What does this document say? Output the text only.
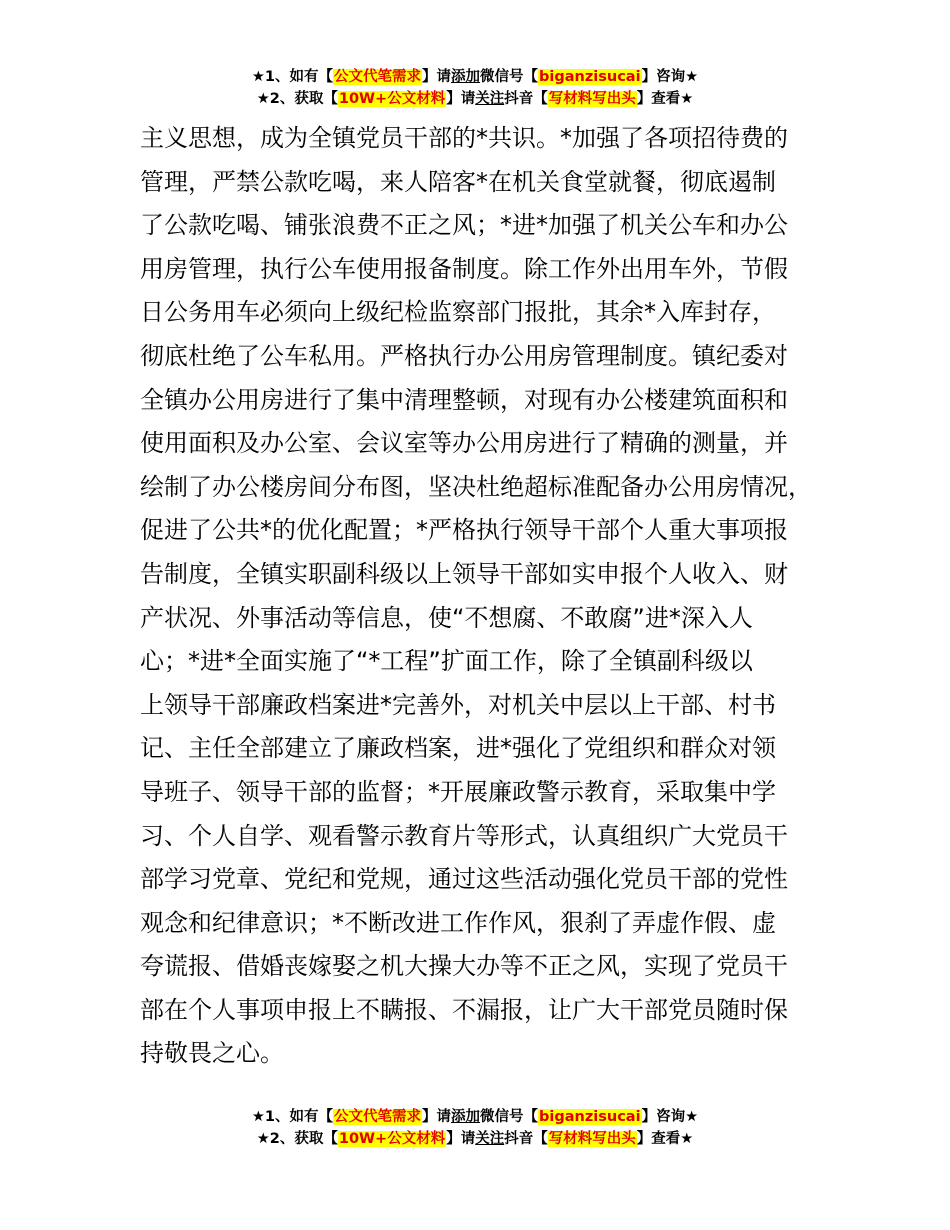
★1、如有【公文代笔需求】请添加微信号【biganzisucai】咨询★
★2、获取【10W+公文材料】请关注抖音【写材料写出头】查看★
主义思想，成为全镇党员干部的*共识。*加强了各项招待费的
管理，严禁公款吃喝，来人陪客*在机关食堂就餐，彻底遏制
了公款吃喝、铺张浪费不正之风；*进*加强了机关公车和办公
用房管理，执行公车使用报备制度。除工作外出用车外，节假
日公务用车必须向上级纪检监察部门报批，其余*入库封存，
彻底杜绝了公车私用。严格执行办公用房管理制度。镇纪委对
全镇办公用房进行了集中清理整顿，对现有办公楼建筑面积和
使用面积及办公室、会议室等办公用房进行了精确的测量，并
绘制了办公楼房间分布图，坚决杜绝超标准配备办公用房情况，
促进了公共*的优化配置；*严格执行领导干部个人重大事项报
告制度，全镇实职副科级以上领导干部如实申报个人收入、财
产状况、外事活动等信息，使“不想腐、不敢腐”进*深入人
心；*进*全面实施了“*工程”扩面工作，除了全镇副科级以
上领导干部廉政档案进*完善外，对机关中层以上干部、村书
记、主任全部建立了廉政档案，进*强化了党组织和群众对领
导班子、领导干部的监督；*开展廉政警示教育，采取集中学
习、个人自学、观看警示教育片等形式，认真组织广大党员干
部学习党章、党纪和党规，通过这些活动强化党员干部的党性
观念和纪律意识；*不断改进工作作风，狠刹了弄虚作假、虚
夸谎报、借婚丧嫁娶之机大操大办等不正之风，实现了党员干
部在个人事项申报上不瞒报、不漏报，让广大干部党员随时保
持敬畏之心。
★1、如有【公文代笔需求】请添加微信号【biganzisucai】咨询★
★2、获取【10W+公文材料】请关注抖音【写材料写出头】查看★
